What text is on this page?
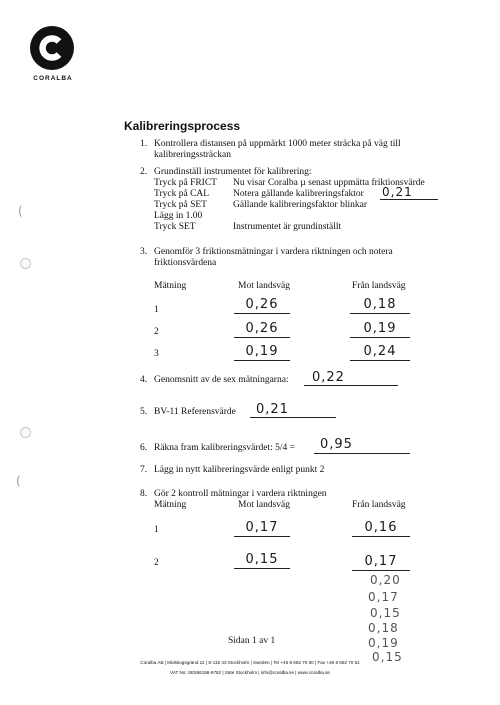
(
(
CORALBA
Kalibreringsprocess
1. Kontrollera distansen på uppmärkt 1000 meter sträcka på väg till kalibreringssträckan
2. Grundinställ instrumentet för kalibrering:
Tryck på FRICT Nu visar Coralba µ senast uppmätta friktionsvärde
Tryck på CAL	Notera gällande kalibreringsfaktor 0,21
Tryck på SET	Gällande kalibreringsfaktor blinkar
Lägg in 1.00
Tryck SET	Instrumentet är grundinställt
3. Genomför 3 friktionsmätningar i vardera riktningen och notera friktionsvärdena
Mätning	Mot landsväg	Från landsväg
1	0,26	0,18
2	0,26	0,19
3	0,19	0,24
4. Genomsnitt av de sex mätningarna:	0,22
5. BV-11 Referensvärde	0,21
6. Räkna fram kalibreringsvärdet: 5/4 =	0,95
7. Lägg in nytt kalibreringsvärde enligt punkt 2
8. Gör 2 kontroll mätningar i vardera riktningen
Mätning	Mot landsväg	Från landsväg
1	0,17	0,16
2	0,15	0,17
0,20
0,17
0,15
0,18
0,19
0,15
Sidan 1 av 1
Coralba AB | Midskogsgränd 11 | S-115 43 Stockholm | Sweden | Tel +46 8 662 70 60 | Fax +46 8 662 70 61
VAT No: SE556158-9762 | Säte Stockholm | info@coralba.se | www.coralba.se
